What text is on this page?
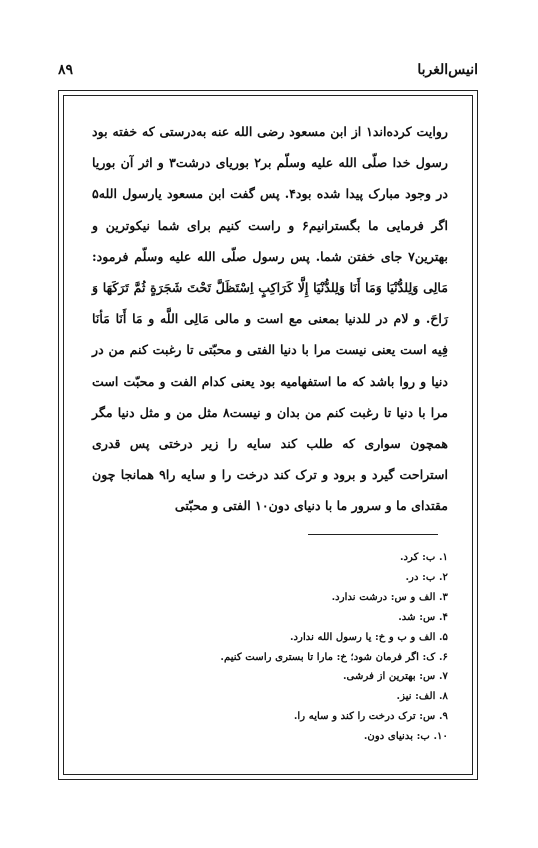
انیس‌الغربا
۸۹

روایت کرده‌اند۱ از ابن مسعود رضی الله عنه به‌درستی که خفته بود رسول خدا صلّی الله علیه وسلّم بر۲ بوریای درشت۳ و اثر آن بوریا در وجود مبارک پیدا شده بود۴. پس گفت ابن مسعود یارسول الله۵ اگر فرمایی ما بگسترانیم۶ و راست کنیم برای شما نیکوترین و بهترین۷ جای خفتن شما. پس رسول صلّی الله علیه وسلّم فرمود: مَالِی وَلِلدُّنْیَا وَمَا أَنَا وَلِلدُّنْیَا إِلَّا کَرَاکِبٍ اِسْتَظَلَّ تَحْتَ شَجَرَةٍ ثُمَّ تَرَکَهَا وَ رَاحَ. و لام در للدنیا بمعنی مع است و مالی مَالِی اللَّه و مَا أَنَا مَأنَا فِیه است یعنی نیست مرا با دنیا الفتی و محبّتی تا رغبت کنم من در دنیا و روا باشد که ما استفهامیه بود یعنی کدام الفت و محبّت است مرا با دنیا تا رغبت کنم من بدان و نیست۸ مثل من و مثل دنیا مگر همچون سواری که طلب کند سایه را زیر درختی پس قدری استراحت گیرد و برود و ترک کند درخت را و سایه را۹ همانجا چون مقتدای ما و سرور ما با دنیای دون۱۰ الفتی و محبّتی

۱. ب: کرد.
۲. ب: در.
۳. الف و س: درشت ندارد.
۴. س: شد.
۵. الف و ب و خ: یا رسول الله ندارد.
۶. ک: اگر فرمان شود؛ خ: مارا تا بستری راست کنیم.
۷. س: بهترین از فرشی.
۸. الف: نیز.
۹. س: ترک درخت را کند و سایه را.
۱۰. ب: بدنیای دون.
